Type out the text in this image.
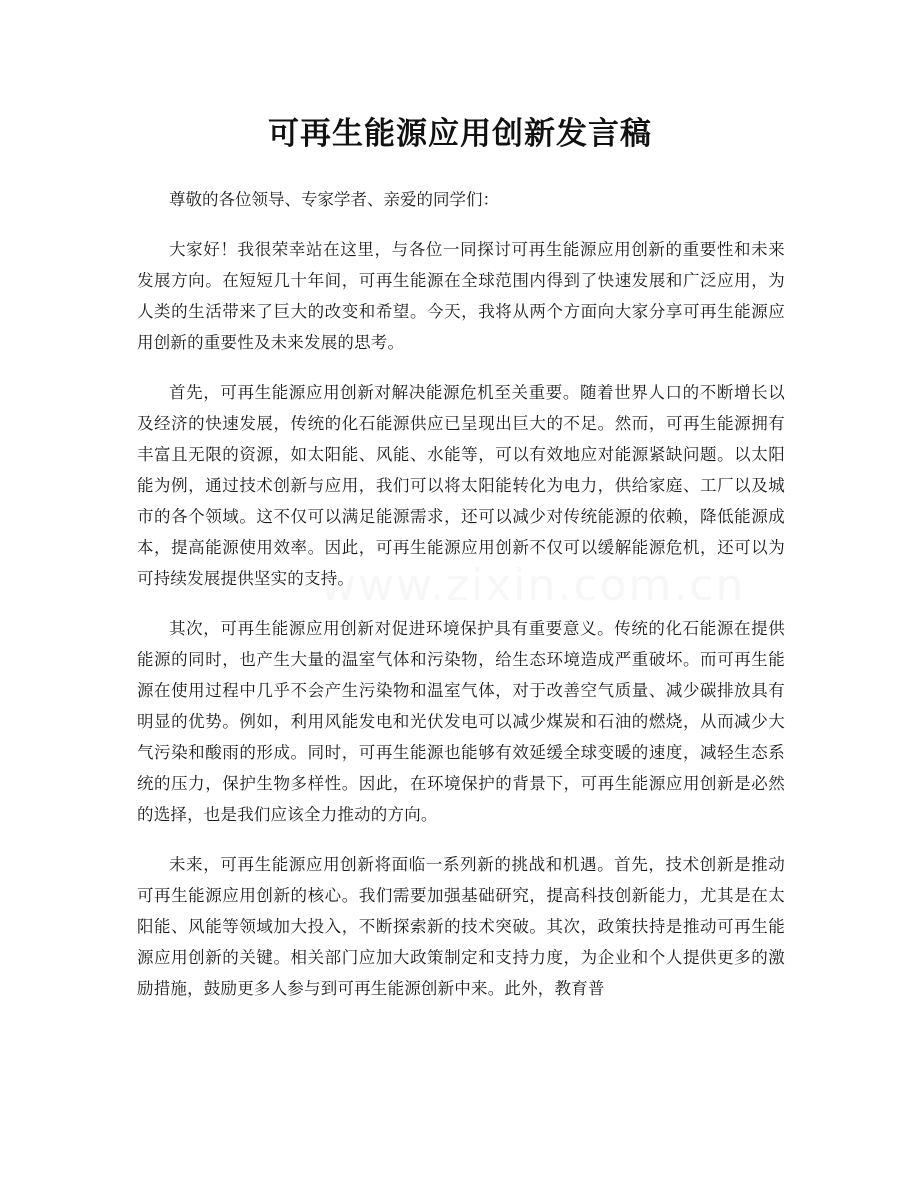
www.zixin.com.cn
可再生能源应用创新发言稿

尊敬的各位领导、专家学者、亲爱的同学们：

大家好！我很荣幸站在这里，与各位一同探讨可再生能源应用创新的重要性和未来发展方向。在短短几十年间，可再生能源在全球范围内得到了快速发展和广泛应用，为人类的生活带来了巨大的改变和希望。今天，我将从两个方面向大家分享可再生能源应用创新的重要性及未来发展的思考。

首先，可再生能源应用创新对解决能源危机至关重要。随着世界人口的不断增长以及经济的快速发展，传统的化石能源供应已呈现出巨大的不足。然而，可再生能源拥有丰富且无限的资源，如太阳能、风能、水能等，可以有效地应对能源紧缺问题。以太阳能为例，通过技术创新与应用，我们可以将太阳能转化为电力，供给家庭、工厂以及城市的各个领域。这不仅可以满足能源需求，还可以减少对传统能源的依赖，降低能源成本，提高能源使用效率。因此，可再生能源应用创新不仅可以缓解能源危机，还可以为可持续发展提供坚实的支持。

其次，可再生能源应用创新对促进环境保护具有重要意义。传统的化石能源在提供能源的同时，也产生大量的温室气体和污染物，给生态环境造成严重破坏。而可再生能源在使用过程中几乎不会产生污染物和温室气体，对于改善空气质量、减少碳排放具有明显的优势。例如，利用风能发电和光伏发电可以减少煤炭和石油的燃烧，从而减少大气污染和酸雨的形成。同时，可再生能源也能够有效延缓全球变暖的速度，减轻生态系统的压力，保护生物多样性。因此，在环境保护的背景下，可再生能源应用创新是必然的选择，也是我们应该全力推动的方向。

未来，可再生能源应用创新将面临一系列新的挑战和机遇。首先，技术创新是推动可再生能源应用创新的核心。我们需要加强基础研究，提高科技创新能力，尤其是在太阳能、风能等领域加大投入，不断探索新的技术突破。其次，政策扶持是推动可再生能源应用创新的关键。相关部门应加大政策制定和支持力度，为企业和个人提供更多的激励措施，鼓励更多人参与到可再生能源创新中来。此外，教育普
